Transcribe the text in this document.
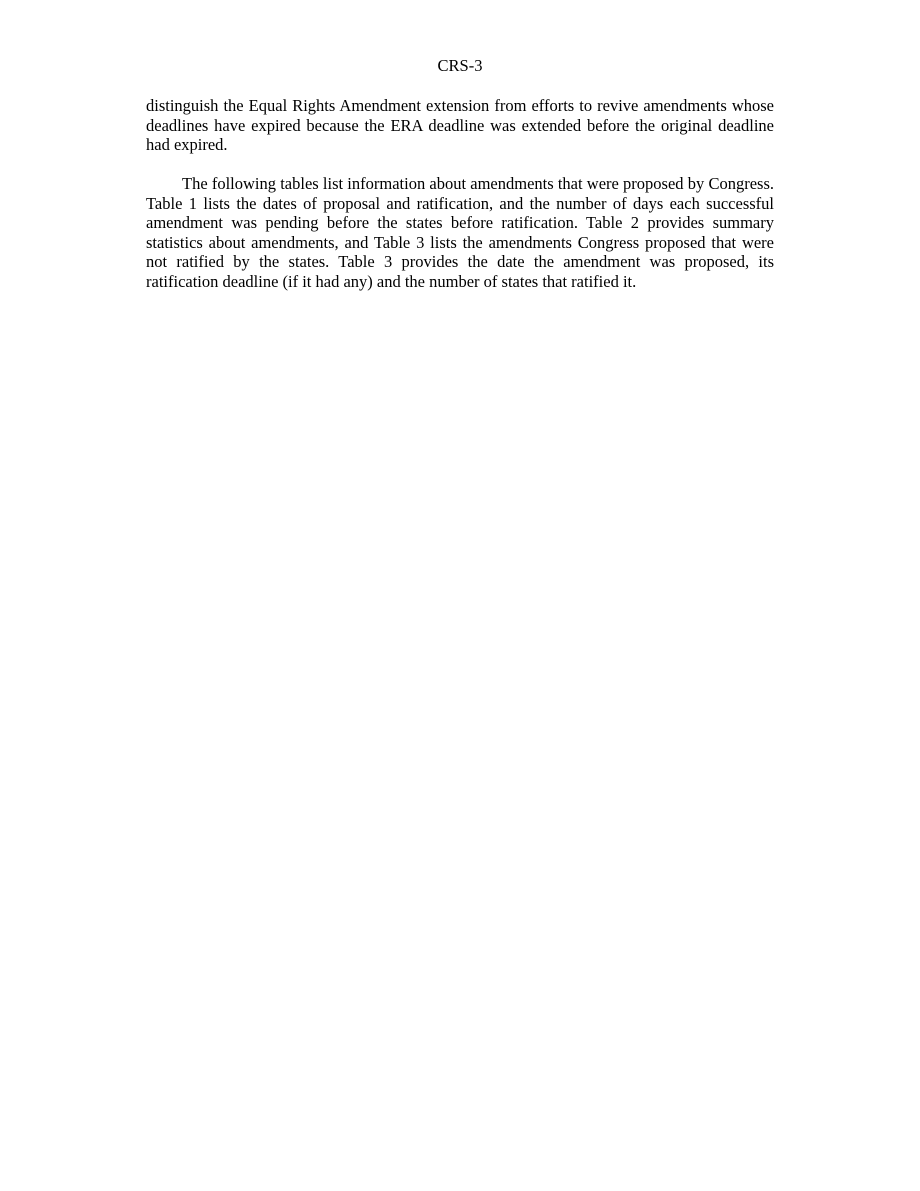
CRS-3

distinguish the Equal Rights Amendment extension from efforts to revive amendments whose deadlines have expired because the ERA deadline was extended before the original deadline had expired.

The following tables list information about amendments that were proposed by Congress. Table 1 lists the dates of proposal and ratification, and the number of days each successful amendment was pending before the states before ratification. Table 2 provides summary statistics about amendments, and Table 3 lists the amendments Congress proposed that were not ratified by the states. Table 3 provides the date the amendment was proposed, its ratification deadline (if it had any) and the number of states that ratified it.
